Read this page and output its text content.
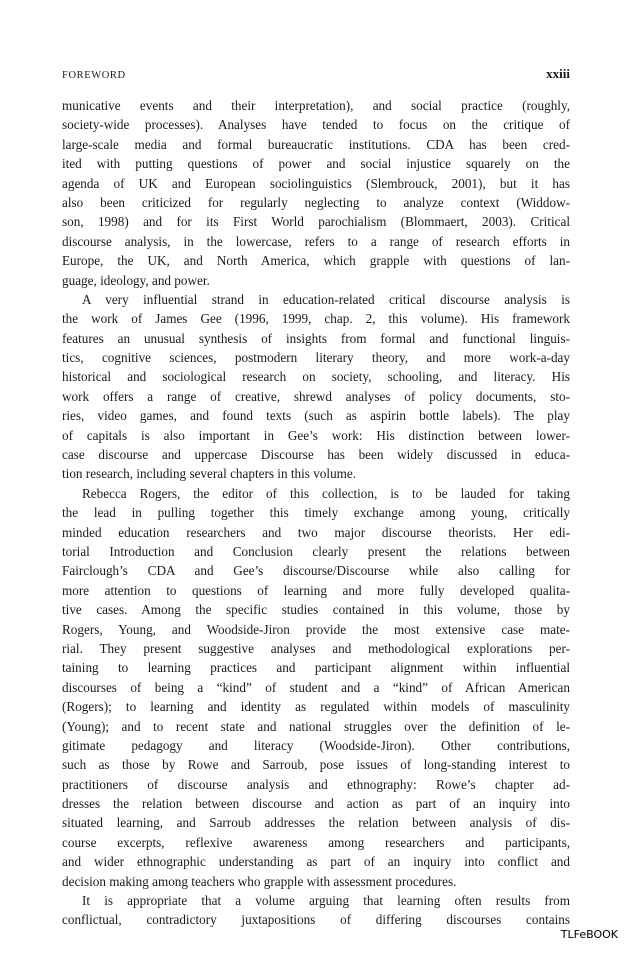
FOREWORD	xxiii
municative events and their interpretation), and social practice (roughly,
society-wide processes). Analyses have tended to focus on the critique of
large-scale media and formal bureaucratic institutions. CDA has been cred-
ited with putting questions of power and social injustice squarely on the
agenda of UK and European sociolinguistics (Slembrouck, 2001), but it has
also been criticized for regularly neglecting to analyze context (Widdow-
son, 1998) and for its First World parochialism (Blommaert, 2003). Critical
discourse analysis, in the lowercase, refers to a range of research efforts in
Europe, the UK, and North America, which grapple with questions of lan-
guage, ideology, and power.
A very influential strand in education-related critical discourse analysis is
the work of James Gee (1996, 1999, chap. 2, this volume). His framework
features an unusual synthesis of insights from formal and functional linguis-
tics, cognitive sciences, postmodern literary theory, and more work-a-day
historical and sociological research on society, schooling, and literacy. His
work offers a range of creative, shrewd analyses of policy documents, sto-
ries, video games, and found texts (such as aspirin bottle labels). The play
of capitals is also important in Gee’s work: His distinction between lower-
case discourse and uppercase Discourse has been widely discussed in educa-
tion research, including several chapters in this volume.
Rebecca Rogers, the editor of this collection, is to be lauded for taking
the lead in pulling together this timely exchange among young, critically
minded education researchers and two major discourse theorists. Her edi-
torial Introduction and Conclusion clearly present the relations between
Fairclough’s CDA and Gee’s discourse/Discourse while also calling for
more attention to questions of learning and more fully developed qualita-
tive cases. Among the specific studies contained in this volume, those by
Rogers, Young, and Woodside-Jiron provide the most extensive case mate-
rial. They present suggestive analyses and methodological explorations per-
taining to learning practices and participant alignment within influential
discourses of being a “kind” of student and a “kind” of African American
(Rogers); to learning and identity as regulated within models of masculinity
(Young); and to recent state and national struggles over the definition of le-
gitimate pedagogy and literacy (Woodside-Jiron). Other contributions,
such as those by Rowe and Sarroub, pose issues of long-standing interest to
practitioners of discourse analysis and ethnography: Rowe’s chapter ad-
dresses the relation between discourse and action as part of an inquiry into
situated learning, and Sarroub addresses the relation between analysis of dis-
course excerpts, reflexive awareness among researchers and participants,
and wider ethnographic understanding as part of an inquiry into conflict and
decision making among teachers who grapple with assessment procedures.
It is appropriate that a volume arguing that learning often results from
conflictual, contradictory juxtapositions of differing discourses contains
TLFeBOOK
